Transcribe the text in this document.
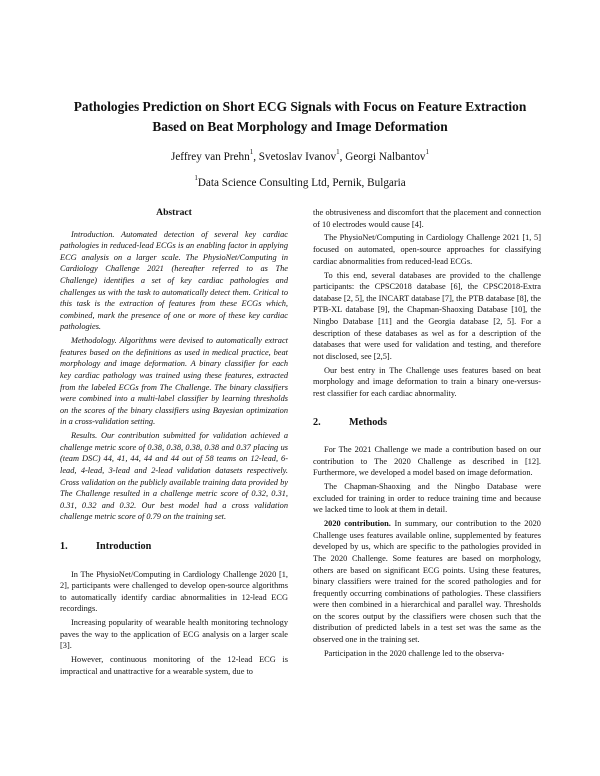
Pathologies Prediction on Short ECG Signals with Focus on Feature Extraction
Based on Beat Morphology and Image Deformation
Jeffrey van Prehn$^1$, Svetoslav Ivanov$^1$, Georgi Nalbantov$^1$
$^1$Data Science Consulting Ltd, Pernik, Bulgaria
Abstract

Introduction. Automated detection of several key cardiac pathologies in reduced-lead ECGs is an enabling factor in applying ECG analysis on a larger scale. The PhysioNet/Computing in Cardiology Challenge 2021 (hereafter referred to as The Challenge) identifies a set of key cardiac pathologies and challenges us with the task to automatically detect them. Critical to this task is the extraction of features from these ECGs which, combined, mark the presence of one or more of these key cardiac pathologies.

Methodology. Algorithms were devised to automatically extract features based on the definitions as used in medical practice, beat morphology and image deformation. A binary classifier for each key cardiac pathology was trained using these features, extracted from the labeled ECGs from The Challenge. The binary classifiers were combined into a multi-label classifier by learning thresholds on the scores of the binary classifiers using Bayesian optimization in a cross-validation setting.

Results. Our contribution submitted for validation achieved a challenge metric score of 0.38, 0.38, 0.38, 0.38 and 0.37 placing us (team DSC) 44, 41, 44, 44 and 44 out of 58 teams on 12-lead, 6-lead, 4-lead, 3-lead and 2-lead validation datasets respectively. Cross validation on the publicly available training data provided by The Challenge resulted in a challenge metric score of 0.32, 0.31, 0.31, 0.32 and 0.32. Our best model had a cross validation challenge metric score of 0.79 on the training set.

1.	Introduction

In The PhysioNet/Computing in Cardiology Challenge 2020 [1, 2], participants were challenged to develop open-source algorithms to automatically identify cardiac abnormalities in 12-lead ECG recordings.

Increasing popularity of wearable health monitoring technology paves the way to the application of ECG analysis on a larger scale [3].

However, continuous monitoring of the 12-lead ECG is impractical and unattractive for a wearable system, due to

the obtrusiveness and discomfort that the placement and connection of 10 electrodes would cause [4].

The PhysioNet/Computing in Cardiology Challenge 2021 [1, 5] focused on automated, open-source approaches for classifying cardiac abnormalities from reduced-lead ECGs.

To this end, several databases are provided to the challenge participants: the CPSC2018 database [6], the CPSC2018-Extra database [2, 5], the INCART database [7], the PTB database [8], the PTB-XL database [9], the Chapman-Shaoxing Database [10], the Ningbo Database [11] and the Georgia database [2, 5]. For a description of these databases as wel as for a description of the databases that were used for validation and testing, and therefore not disclosed, see [2,5].

Our best entry in The Challenge uses features based on beat morphology and image deformation to train a binary one-versus-rest classifier for each cardiac abnormality.

2.	Methods

For The 2021 Challenge we made a contribution based on our contribution to The 2020 Challenge as described in [12]. Furthermore, we developed a model based on image deformation.

The Chapman-Shaoxing and the Ningbo Database were excluded for training in order to reduce training time and because we lacked time to look at them in detail.

2020 contribution. In summary, our contribution to the 2020 Challenge uses features available online, supplemented by features developed by us, which are specific to the pathologies provided in The 2020 Challenge. Some features are based on morphology, others are based on significant ECG points. Using these features, binary classifiers were trained for the scored pathologies and for frequently occurring combinations of pathologies. These classifiers were then combined in a hierarchical and parallel way. Thresholds on the scores output by the classifiers were chosen such that the distribution of predicted labels in a test set was the same as the observed one in the training set.

Participation in the 2020 challenge led to the observa-
